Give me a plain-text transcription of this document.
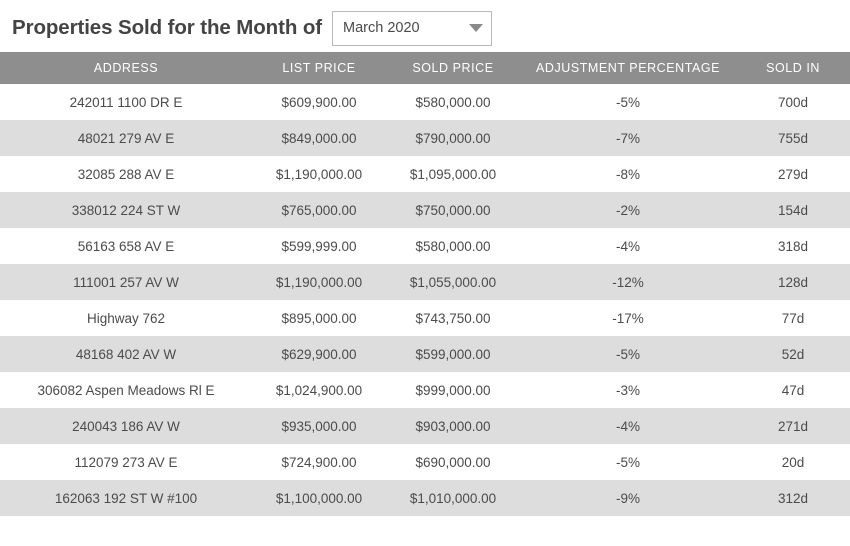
Properties Sold for the Month of March 2020
ADDRESS	LIST PRICE	SOLD PRICE	ADJUSTMENT PERCENTAGE	SOLD IN
242011 1100 DR E	$609,900.00	$580,000.00	-5%	700d
48021 279 AV E	$849,000.00	$790,000.00	-7%	755d
32085 288 AV E	$1,190,000.00	$1,095,000.00	-8%	279d
338012 224 ST W	$765,000.00	$750,000.00	-2%	154d
56163 658 AV E	$599,999.00	$580,000.00	-4%	318d
111001 257 AV W	$1,190,000.00	$1,055,000.00	-12%	128d
Highway 762	$895,000.00	$743,750.00	-17%	77d
48168 402 AV W	$629,900.00	$599,000.00	-5%	52d
306082 Aspen Meadows Rl E	$1,024,900.00	$999,000.00	-3%	47d
240043 186 AV W	$935,000.00	$903,000.00	-4%	271d
112079 273 AV E	$724,900.00	$690,000.00	-5%	20d
162063 192 ST W #100	$1,100,000.00	$1,010,000.00	-9%	312d
